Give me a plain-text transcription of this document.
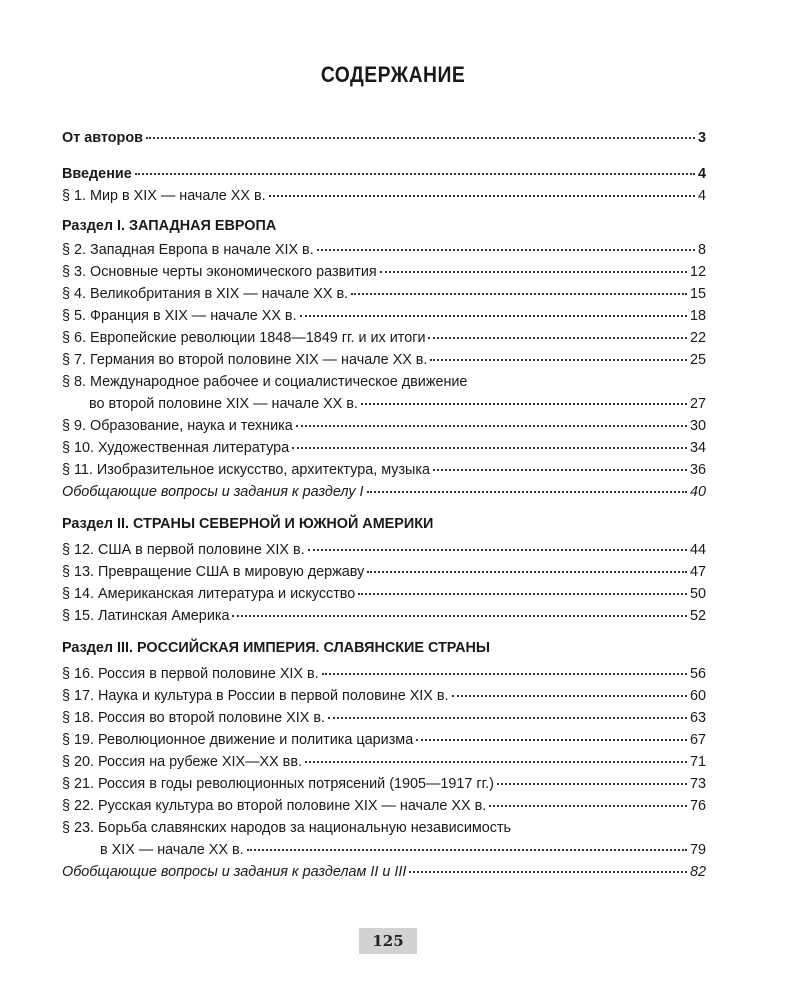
СОДЕРЖАНИЕ
От авторов	3
Введение	4
§ 1. Мир в XIX — начале XX в.	4
Раздел I. ЗАПАДНАЯ ЕВРОПА
§ 2. Западная Европа в начале XIX в.	8
§ 3. Основные черты экономического развития	12
§ 4. Великобритания в XIX — начале XX в.	15
§ 5. Франция в XIX — начале XX в.	18
§ 6. Европейские революции 1848—1849 гг. и их итоги	22
§ 7. Германия во второй половине XIX — начале XX в.	25
§ 8. Международное рабочее и социалистическое движение
во второй половине XIX — начале XX в.	27
§ 9. Образование, наука и техника	30
§ 10. Художественная литература	34
§ 11. Изобразительное искусство, архитектура, музыка	36
Обобщающие вопросы и задания к разделу I	40
Раздел II. СТРАНЫ СЕВЕРНОЙ И ЮЖНОЙ АМЕРИКИ
§ 12. США в первой половине XIX в.	44
§ 13. Превращение США в мировую державу	47
§ 14. Американская литература и искусство	50
§ 15. Латинская Америка	52
Раздел III. РОССИЙСКАЯ ИМПЕРИЯ. СЛАВЯНСКИЕ СТРАНЫ
§ 16. Россия в первой половине XIX в.	56
§ 17. Наука и культура в России в первой половине XIX в.	60
§ 18. Россия во второй половине XIX в.	63
§ 19. Революционное движение и политика царизма	67
§ 20. Россия на рубеже XIX—XX вв.	71
§ 21. Россия в годы революционных потрясений (1905—1917 гг.)	73
§ 22. Русская культура во второй половине XIX — начале XX в.	76
§ 23. Борьба славянских народов за национальную независимость
в XIX — начале XX в.	79
Обобщающие вопросы и задания к разделам II и III	82
125
